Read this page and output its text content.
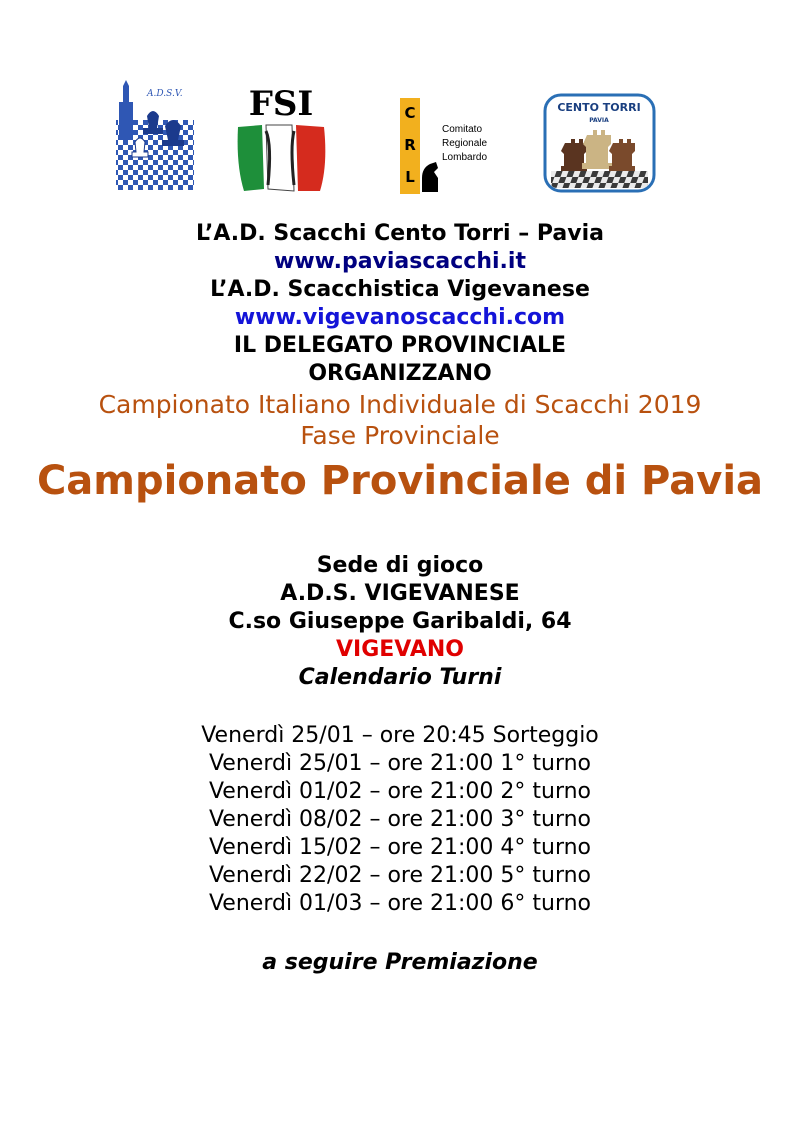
A.D.S.V. FSI	C
R
L
Comitato
Regionale
Lombardo
CENTO TORRI
PAVIA
L’A.D. Scacchi Cento Torri – Pavia
www.paviascacchi.it
L’A.D. Scacchistica Vigevanese
www.vigevanoscacchi.com
IL DELEGATO PROVINCIALE
ORGANIZZANO
Campionato Italiano Individuale di Scacchi 2019
Fase Provinciale
Campionato Provinciale di Pavia
Sede di gioco
A.D.S. VIGEVANESE
C.so Giuseppe Garibaldi, 64
VIGEVANO
Calendario Turni
Venerdì 25/01 – ore 20:45 Sorteggio
Venerdì 25/01 – ore 21:00 1° turno
Venerdì 01/02 – ore 21:00 2° turno
Venerdì 08/02 – ore 21:00 3° turno
Venerdì 15/02 – ore 21:00 4° turno
Venerdì 22/02 – ore 21:00 5° turno
Venerdì 01/03 – ore 21:00 6° turno
a seguire Premiazione
